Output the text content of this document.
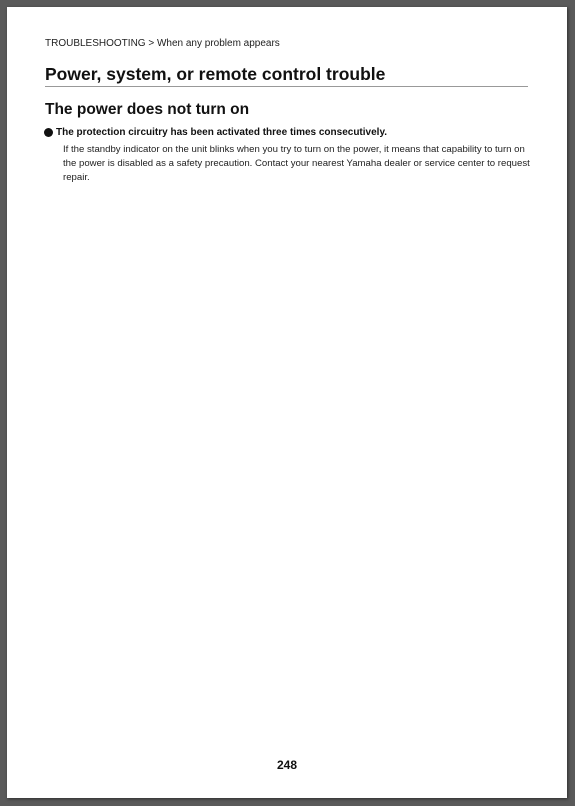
TROUBLESHOOTING > When any problem appears
Power, system, or remote control trouble
The power does not turn on
The protection circuitry has been activated three times consecutively.

If the standby indicator on the unit blinks when you try to turn on the power, it means that capability to turn on the power is disabled as a safety precaution. Contact your nearest Yamaha dealer or service center to request repair.

248
